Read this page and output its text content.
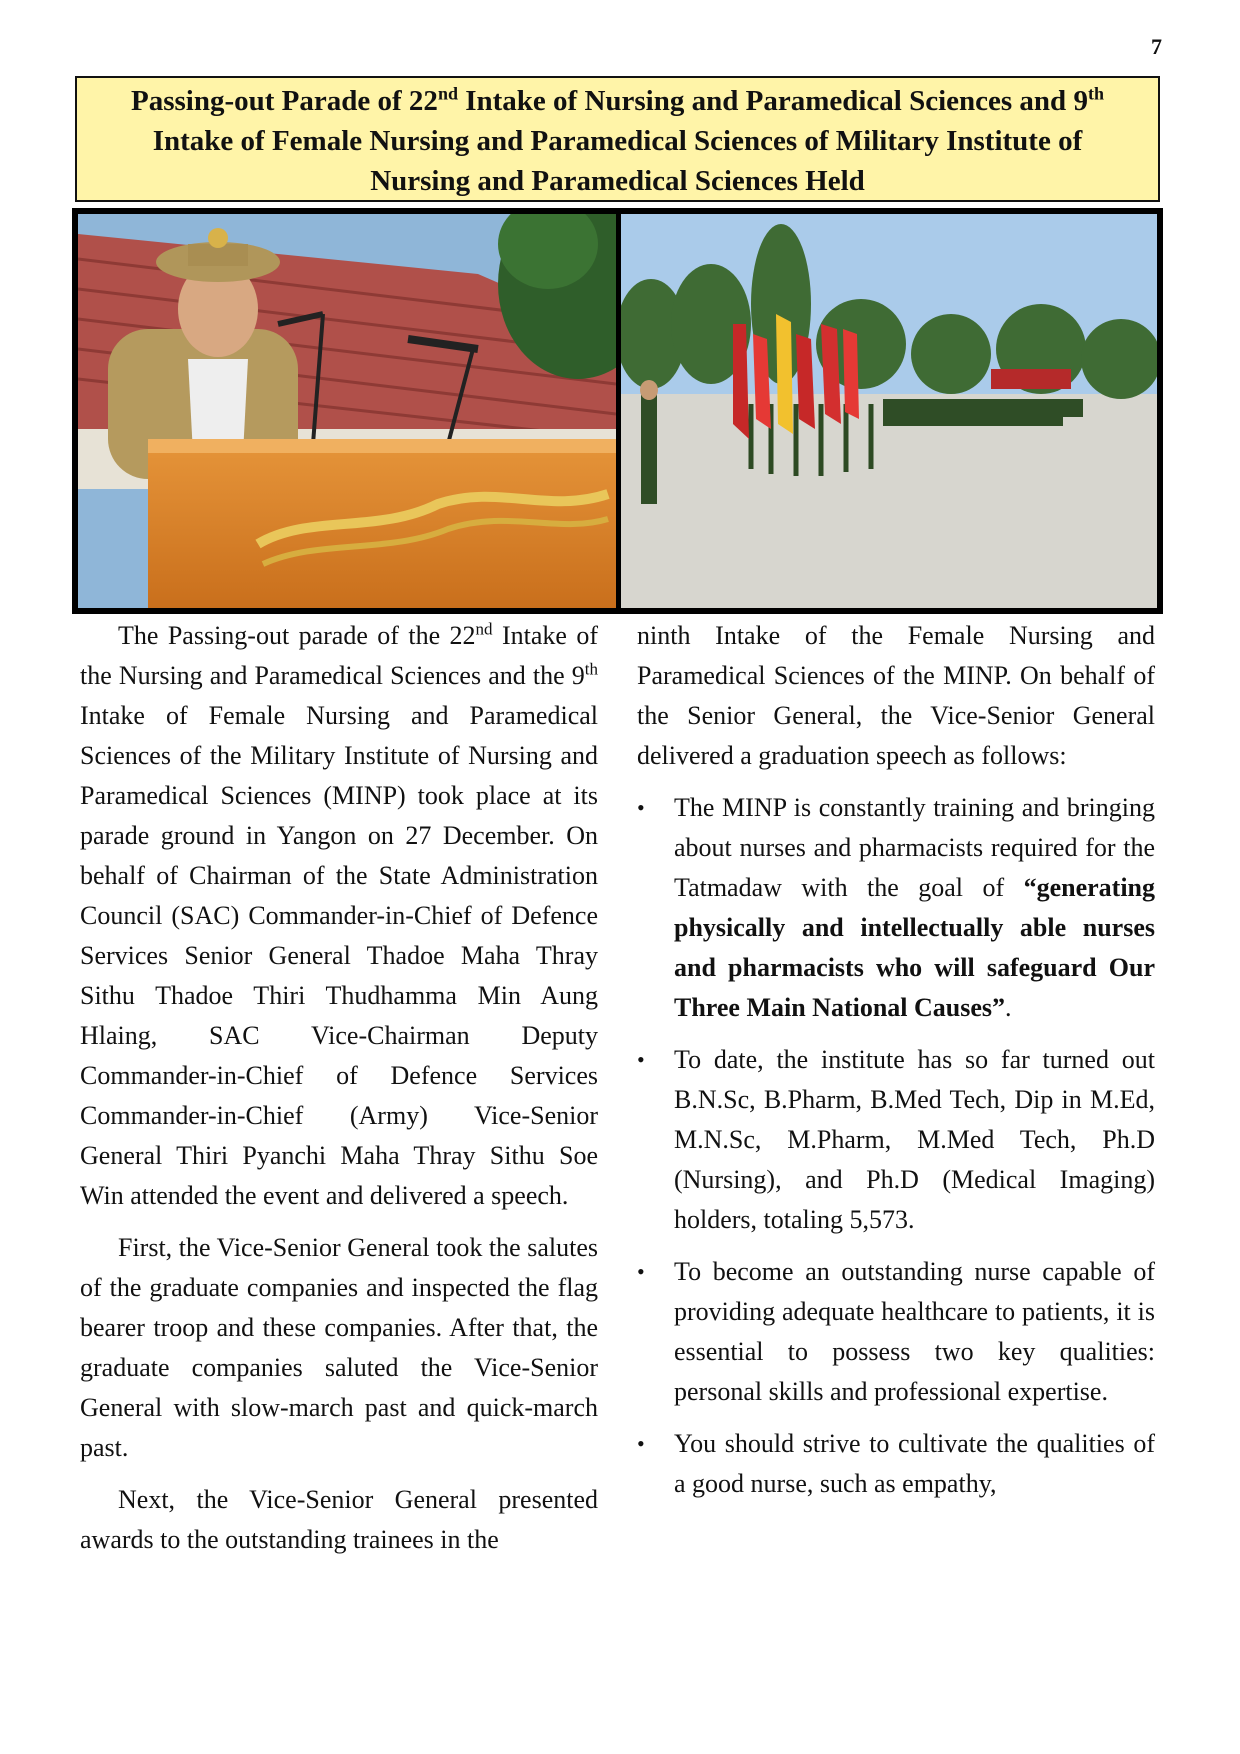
7
Passing-out Parade of 22nd Intake of Nursing and Paramedical Sciences and 9th
Intake of Female Nursing and Paramedical Sciences of Military Institute of
Nursing and Paramedical Sciences Held

The Passing-out parade of the 22nd Intake of the Nursing and Paramedical Sciences and the 9th Intake of Female Nursing and Paramedical Sciences of the Military Institute of Nursing and Paramedical Sciences (MINP) took place at its parade ground in Yangon on 27 December. On behalf of Chairman of the State Administration Council (SAC) Commander-in-Chief of Defence Services Senior General Thadoe Maha Thray Sithu Thadoe Thiri Thudhamma Min Aung Hlaing, SAC Vice-Chairman Deputy Commander-in-Chief of Defence Services Commander-in-Chief (Army) Vice-Senior General Thiri Pyanchi Maha Thray Sithu Soe Win attended the event and delivered a speech.

First, the Vice-Senior General took the salutes of the graduate companies and inspected the flag bearer troop and these companies. After that, the graduate companies saluted the Vice-Senior General with slow-march past and quick-march past.

Next, the Vice-Senior General presented awards to the outstanding trainees in the

ninth Intake of the Female Nursing and Paramedical Sciences of the MINP. On behalf of the Senior General, the Vice-Senior General delivered a graduation speech as follows:

• The MINP is constantly training and bringing about nurses and pharmacists required for the Tatmadaw with the goal of “generating physically and intellectually able nurses and pharmacists who will safeguard Our Three Main National Causes”.

• To date, the institute has so far turned out B.N.Sc, B.Pharm, B.Med Tech, Dip in M.Ed, M.N.Sc, M.Pharm, M.Med Tech, Ph.D (Nursing), and Ph.D (Medical Imaging) holders, totaling 5,573.

• To become an outstanding nurse capable of providing adequate healthcare to patients, it is essential to possess two key qualities: personal skills and professional expertise.

• You should strive to cultivate the qualities of a good nurse, such as empathy,
